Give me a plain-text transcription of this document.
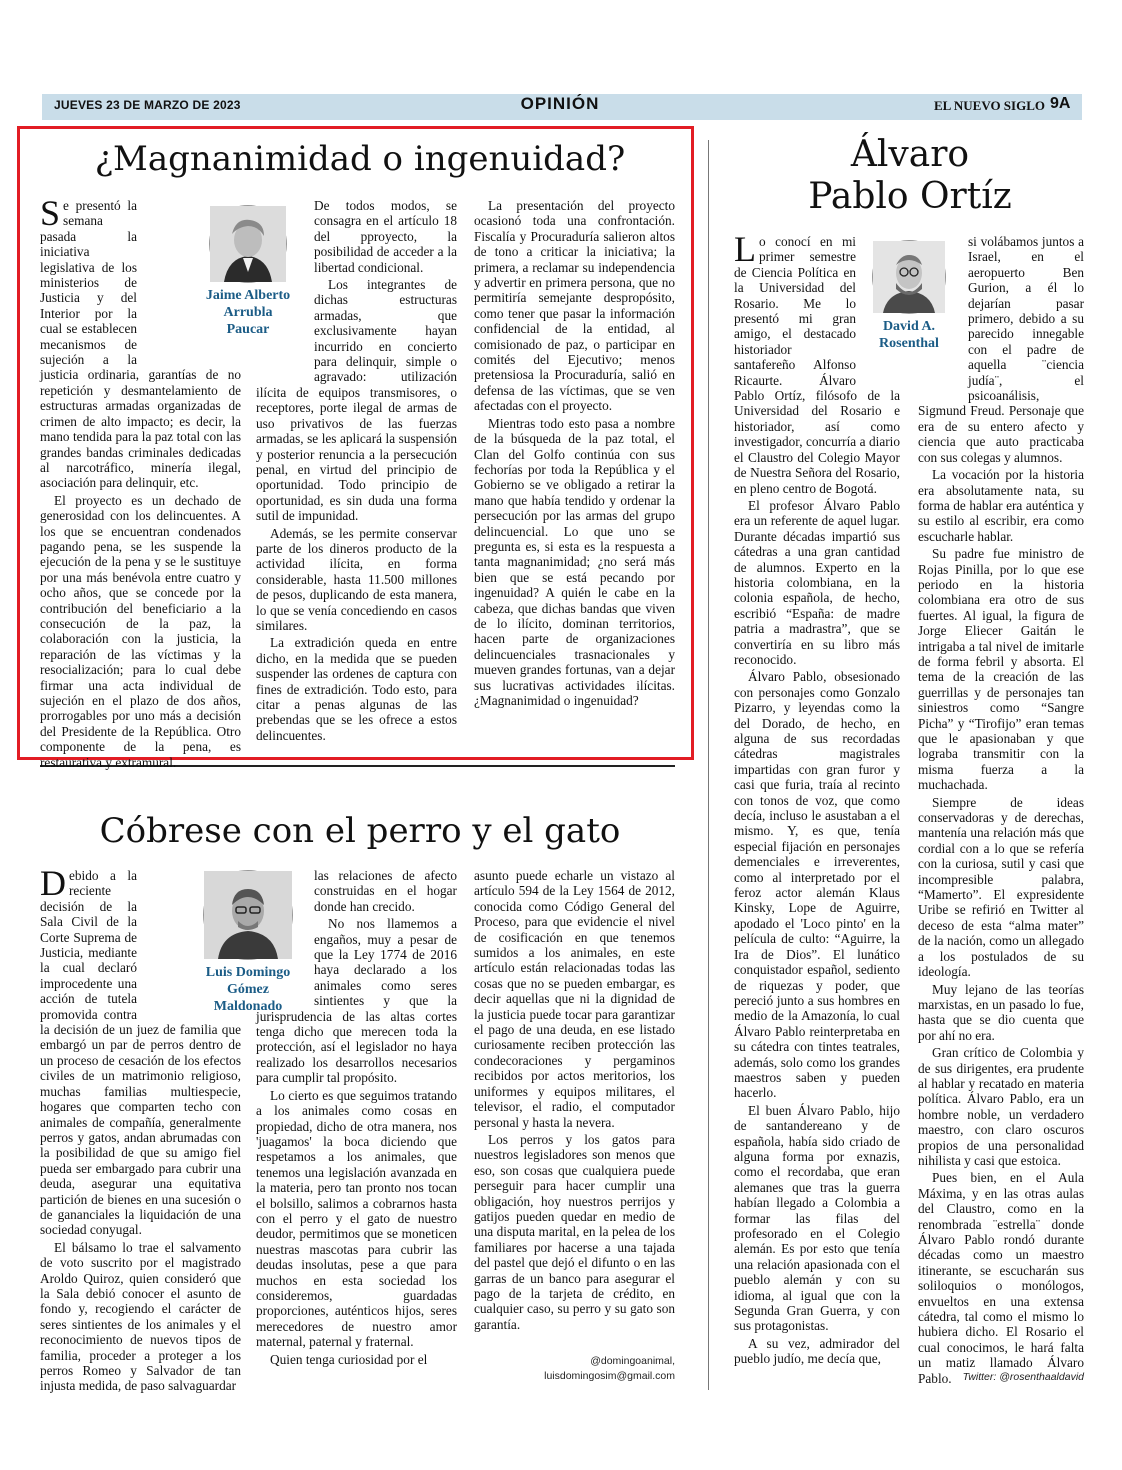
JUEVES 23 DE MARZO DE 2023	OPINIÓN	EL NUEVO SIGLO 9A
¿Magnanimidad o ingenuidad?

Se presentó la semana pasada la iniciativa legislativa de los ministerios de Justicia y del Interior por la cual se establecen mecanismos de sujeción a la justicia ordinaria, garantías de no repetición y desmantelamiento de estructuras armadas organizadas de crimen de alto impacto; es decir, la mano tendida para la paz total con las grandes bandas criminales dedicadas al narcotráfico, minería ilegal, asociación para delinquir, etc.

El proyecto es un dechado de generosidad con los delincuentes. A los que se encuentran condenados pagando pena, se les suspende la ejecución de la pena y se le sustituye por una más benévola entre cuatro y ocho años, que se concede por la contribución del beneficiario a la consecución de la paz, la colaboración con la justicia, la reparación de las víctimas y la resocialización; para lo cual debe firmar una acta individual de sujeción en el plazo de dos años, prorrogables por uno más a decisión del Presidente de la República. Otro componente de la pena, es restaurativa y extramural.

Jaime Alberto
Arrubla
Paucar

De todos modos, se consagra en el artículo 18 del pproyecto, la posibilidad de acceder a la libertad condicional.

Los integrantes de dichas estructuras armadas, que exclusivamente hayan incurrido en concierto para delinquir, simple o agravado: utilización ilícita de equipos transmisores, o receptores, porte ilegal de armas de uso privativos de las fuerzas armadas, se les aplicará la suspensión y posterior renuncia a la persecución penal, en virtud del principio de oportunidad. Todo principio de oportunidad, es sin duda una forma sutil de impunidad.

Además, se les permite conservar parte de los dineros producto de la actividad ilícita, en forma considerable, hasta 11.500 millones de pesos, duplicando de esta manera, lo que se venía concediendo en casos similares.

La extradición queda en entre dicho, en la medida que se pueden suspender las ordenes de captura con fines de extradición. Todo esto, para citar a penas algunas de las prebendas que se les ofrece a estos delincuentes.

La presentación del proyecto ocasionó toda una confrontación. Fiscalía y Procuraduría salieron altos de tono a criticar la iniciativa; la primera, a reclamar su independencia y advertir en primera persona, que no permitiría semejante despropósito, como tener que pasar la información confidencial de la entidad, al comisionado de paz, o participar en comités del Ejecutivo; menos pretensiosa la Procuraduría, salió en defensa de las víctimas, que se ven afectadas con el proyecto.

Mientras todo esto pasa a nombre de la búsqueda de la paz total, el Clan del Golfo continúa con sus fechorías por toda la República y el Gobierno se ve obligado a retirar la mano que había tendido y ordenar la persecución por las armas del grupo delincuencial. Lo que uno se pregunta es, si esta es la respuesta a tanta magnanimidad; ¿no será más bien que se está pecando por ingenuidad? A quién le cabe en la cabeza, que dichas bandas que viven de lo ilícito, dominan territorios, hacen parte de organizaciones delincuenciales trasnacionales y mueven grandes fortunas, van a dejar sus lucrativas actividades ilícitas. ¿Magnanimidad o ingenuidad?

Cóbrese con el perro y el gato

Debido a la reciente decisión de la Sala Civil de la Corte Suprema de Justicia, mediante la cual declaró improcedente una acción de tutela promovida contra la decisión de un juez de familia que embargó un par de perros dentro de un proceso de cesación de los efectos civiles de un matrimonio religioso, muchas familias multiespecie, hogares que comparten techo con animales de compañía, generalmente perros y gatos, andan abrumadas con la posibilidad de que su amigo fiel pueda ser embargado para cubrir una deuda, asegurar una equitativa partición de bienes en una sucesión o de gananciales la liquidación de una sociedad conyugal.

El bálsamo lo trae el salvamento de voto suscrito por el magistrado Aroldo Quiroz, quien consideró que la Sala debió conocer el asunto de fondo y, recogiendo el carácter de seres sintientes de los animales y el reconocimiento de nuevos tipos de familia, proceder a proteger a los perros Romeo y Salvador de tan injusta medida, de paso salvaguardar

Luis Domingo
Gómez
Maldonado

las relaciones de afecto construidas en el hogar donde han crecido.

No nos llamemos a engaños, muy a pesar de que la Ley 1774 de 2016 haya declarado a los animales como seres sintientes y que la jurisprudencia de las altas cortes tenga dicho que merecen toda la protección, así el legislador no haya realizado los desarrollos necesarios para cumplir tal propósito.

Lo cierto es que seguimos tratando a los animales como cosas en propiedad, dicho de otra manera, nos 'juagamos' la boca diciendo que respetamos a los animales, que tenemos una legislación avanzada en la materia, pero tan pronto nos tocan el bolsillo, salimos a cobrarnos hasta con el perro y el gato de nuestro deudor, permitimos que se moneticen nuestras mascotas para cubrir las deudas insolutas, pese a que para muchos en esta sociedad los consideremos, guardadas proporciones, auténticos hijos, seres merecedores de nuestro amor maternal, paternal y fraternal.

Quien tenga curiosidad por el

asunto puede echarle un vistazo al artículo 594 de la Ley 1564 de 2012, conocida como Código General del Proceso, para que evidencie el nivel de cosificación en que tenemos sumidos a los animales, en este artículo están relacionadas todas las cosas que no se pueden embargar, es decir aquellas que ni la dignidad de la justicia puede tocar para garantizar el pago de una deuda, en ese listado curiosamente reciben protección las condecoraciones y pergaminos recibidos por actos meritorios, los uniformes y equipos militares, el televisor, el radio, el computador personal y hasta la nevera.

Los perros y los gatos para nuestros legisladores son menos que eso, son cosas que cualquiera puede perseguir para hacer cumplir una obligación, hoy nuestros perrijos y gatijos pueden quedar en medio de una disputa marital, en la pelea de los familiares por hacerse a una tajada del pastel que dejó el difunto o en las garras de un banco para asegurar el pago de la tarjeta de crédito, en cualquier caso, su perro y su gato son garantía.

@domingoanimal,
luisdomingosim@gmail.com
Álvaro
Pablo Ortíz

Lo conocí en mi primer semestre de Ciencia Política en la Universidad del Rosario. Me lo presentó mi gran amigo, el destacado historiador santafereño Alfonso Ricaurte. Álvaro Pablo Ortíz, filósofo de la Universidad del Rosario e historiador, así como investigador, concurría a diario el Claustro del Colegio Mayor de Nuestra Señora del Rosario, en pleno centro de Bogotá.

El profesor Álvaro Pablo era un referente de aquel lugar. Durante décadas impartió sus cátedras a una gran cantidad de alumnos. Experto en la historia colombiana, en la colonia española, de hecho, escribió “España: de madre patria a madrastra”, que se convertiría en su libro más reconocido.

Álvaro Pablo, obsesionado con personajes como Gonzalo Pizarro, y leyendas como la del Dorado, de hecho, en alguna de sus recordadas cátedras magistrales impartidas con gran furor y casi que furia, traía al recinto con tonos de voz, que como decía, incluso le asustaban a el mismo. Y, es que, tenía especial fijación en personajes demenciales e irreverentes, como al interpretado por el feroz actor alemán Klaus Kinsky, Lope de Aguirre, apodado el 'Loco pinto' en la película de culto: “Aguirre, la Ira de Dios”. El lunático conquistador español, sediento de riquezas y poder, que pereció junto a sus hombres en medio de la Amazonía, lo cual Álvaro Pablo reinterpretaba en su cátedra con tintes teatrales, además, solo como los grandes maestros saben y pueden hacerlo.

El buen Álvaro Pablo, hijo de santandereano y de española, había sido criado de alguna forma por exnazis, como el recordaba, que eran alemanes que tras la guerra habían llegado a Colombia a formar las filas del profesorado en el Colegio alemán. Es por esto que tenía una relación apasionada con el pueblo alemán y con su idioma, al igual que con la Segunda Gran Guerra, y con sus protagonistas.

A su vez, admirador del pueblo judío, me decía que,

David A.
Rosenthal

si volábamos juntos a Israel, en el aeropuerto Ben Gurion, a él lo dejarían pasar primero, debido a su parecido innegable con el padre de aquella ¨ciencia judía¨, el psicoanálisis, Sigmund Freud. Personaje que era de su entero afecto y ciencia que auto practicaba con sus colegas y alumnos.

La vocación por la historia era absolutamente nata, su forma de hablar era auténtica y su estilo al escribir, era como escucharle hablar.

Su padre fue ministro de Rojas Pinilla, por lo que ese periodo en la historia colombiana era otro de sus fuertes. Al igual, la figura de Jorge Eliecer Gaitán le intrigaba a tal nivel de imitarle de forma febril y absorta. El tema de la creación de las guerrillas y de personajes tan siniestros como “Sangre Picha” y “Tirofijo” eran temas que le apasionaban y que lograba transmitir con la misma fuerza a la muchachada.

Siempre de ideas conservadoras y de derechas, mantenía una relación más que cordial con a lo que se refería con la curiosa, sutil y casi que incompresible palabra, “Mamerto”. El expresidente Uribe se refirió en Twitter al deceso de esta “alma mater” de la nación, como un allegado a los postulados de su ideología.

Muy lejano de las teorías marxistas, en un pasado lo fue, hasta que se dio cuenta que por ahí no era.

Gran crítico de Colombia y de sus dirigentes, era prudente al hablar y recatado en materia política. Álvaro Pablo, era un hombre noble, un verdadero maestro, con claro oscuros propios de una personalidad nihilista y casi que estoica.

Pues bien, en el Aula Máxima, y en las otras aulas del Claustro, como en la renombrada ¨estrella¨ donde Álvaro Pablo rondó durante décadas como un maestro itinerante, se escucharán sus soliloquios o monólogos, envueltos en una extensa cátedra, tal como el mismo lo hubiera dicho. El Rosario el cual conocimos, le hará falta un matiz llamado Álvaro Pablo.	Twitter: @rosenthaaldavid
